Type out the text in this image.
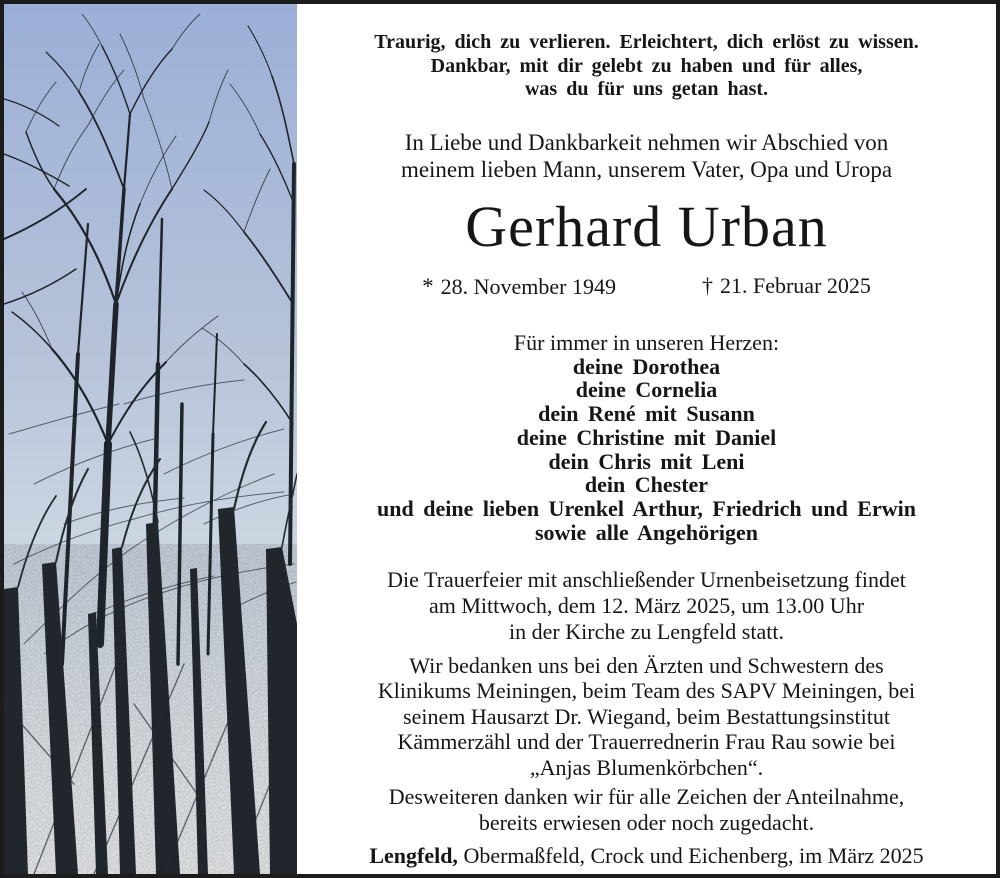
Traurig, dich zu verlieren. Erleichtert, dich erlöst zu wissen.
Dankbar, mit dir gelebt zu haben und für alles,
was du für uns getan hast.
In Liebe und Dankbarkeit nehmen wir Abschied von
meinem lieben Mann, unserem Vater, Opa und Uropa
Gerhard Urban
* 28. November 1949	† 21. Februar 2025
Für immer in unseren Herzen:
deine Dorothea
deine Cornelia
dein René mit Susann
deine Christine mit Daniel
dein Chris mit Leni
dein Chester
und deine lieben Urenkel Arthur, Friedrich und Erwin
sowie alle Angehörigen
Die Trauerfeier mit anschließender Urnenbeisetzung findet
am Mittwoch, dem 12. März 2025, um 13.00 Uhr
in der Kirche zu Lengfeld statt.
Wir bedanken uns bei den Ärzten und Schwestern des
Klinikums Meiningen, beim Team des SAPV Meiningen, bei
seinem Hausarzt Dr. Wiegand, beim Bestattungsinstitut
Kämmerzähl und der Trauerrednerin Frau Rau sowie bei
„Anjas Blumenkörbchen“.
Desweiteren danken wir für alle Zeichen der Anteilnahme,
bereits erwiesen oder noch zugedacht.
Lengfeld, Obermaßfeld, Crock und Eichenberg, im März 2025
